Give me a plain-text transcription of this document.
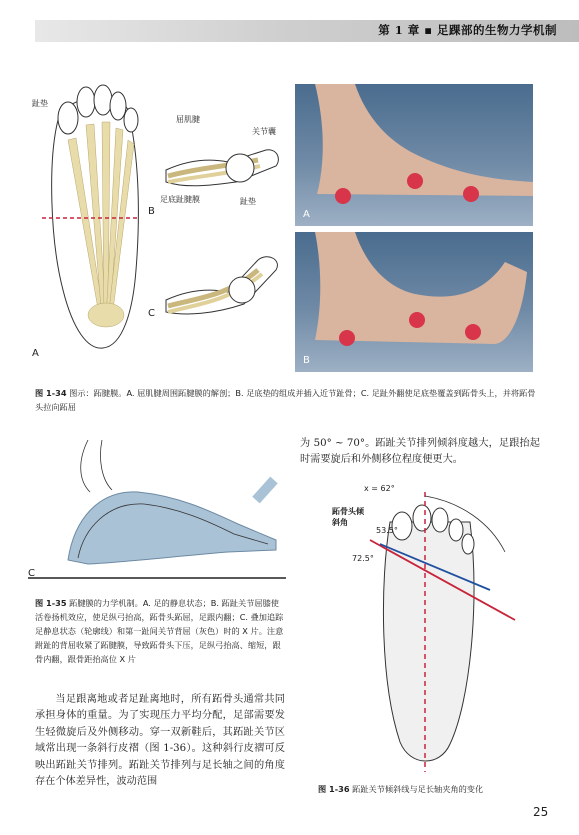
第 1 章 ▪ 足踝部的生物力学机制
趾垫
A
屈肌腱
关节囊
足底趾腱膜	趾垫
B
C
A
B
图 1-34 图示：跖腱膜。A. 屈肌腱周围跖腱膜的解剖；B. 足底垫的组成并插入近节趾骨；C. 足趾外翻使足底垫覆盖到跖骨头上，并将跖骨头拉向跖屈
C
图 1-35 跖腱膜的力学机制。A. 足的静息状态；B. 跖趾关节屈膝使活卷扬机效应，使足纵弓抬高，跖骨头跖屈，足跟内翻；C. 叠加追踪足静息状态（轮廓线）和第一趾间关节背屈（灰色）时的 X 片。注意跗趾的背屈收紧了跖腱膜，导致跖骨头下压，足纵弓抬高、缩短，跟骨内翻，跟骨距抬高位 X 片
当足跟离地或者足趾离地时，所有跖骨头通常共同承担身体的重量。为了实现压力平均分配，足部需要发生轻微旋后及外侧移动。穿一双新鞋后，其跖趾关节区域常出现一条斜行皮褶（图 1-36）。这种斜行皮褶可反映出跖趾关节排列。跖趾关节排列与足长轴之间的角度存在个体差异性，波动范围
为 50° ~ 70°。跖趾关节排列倾斜度越大，足跟抬起时需要旋后和外侧移位程度便更大。
x = 62°
跖骨头倾斜角
53.5°
72.5°
图 1-36 跖趾关节倾斜线与足长轴夹角的变化
25
